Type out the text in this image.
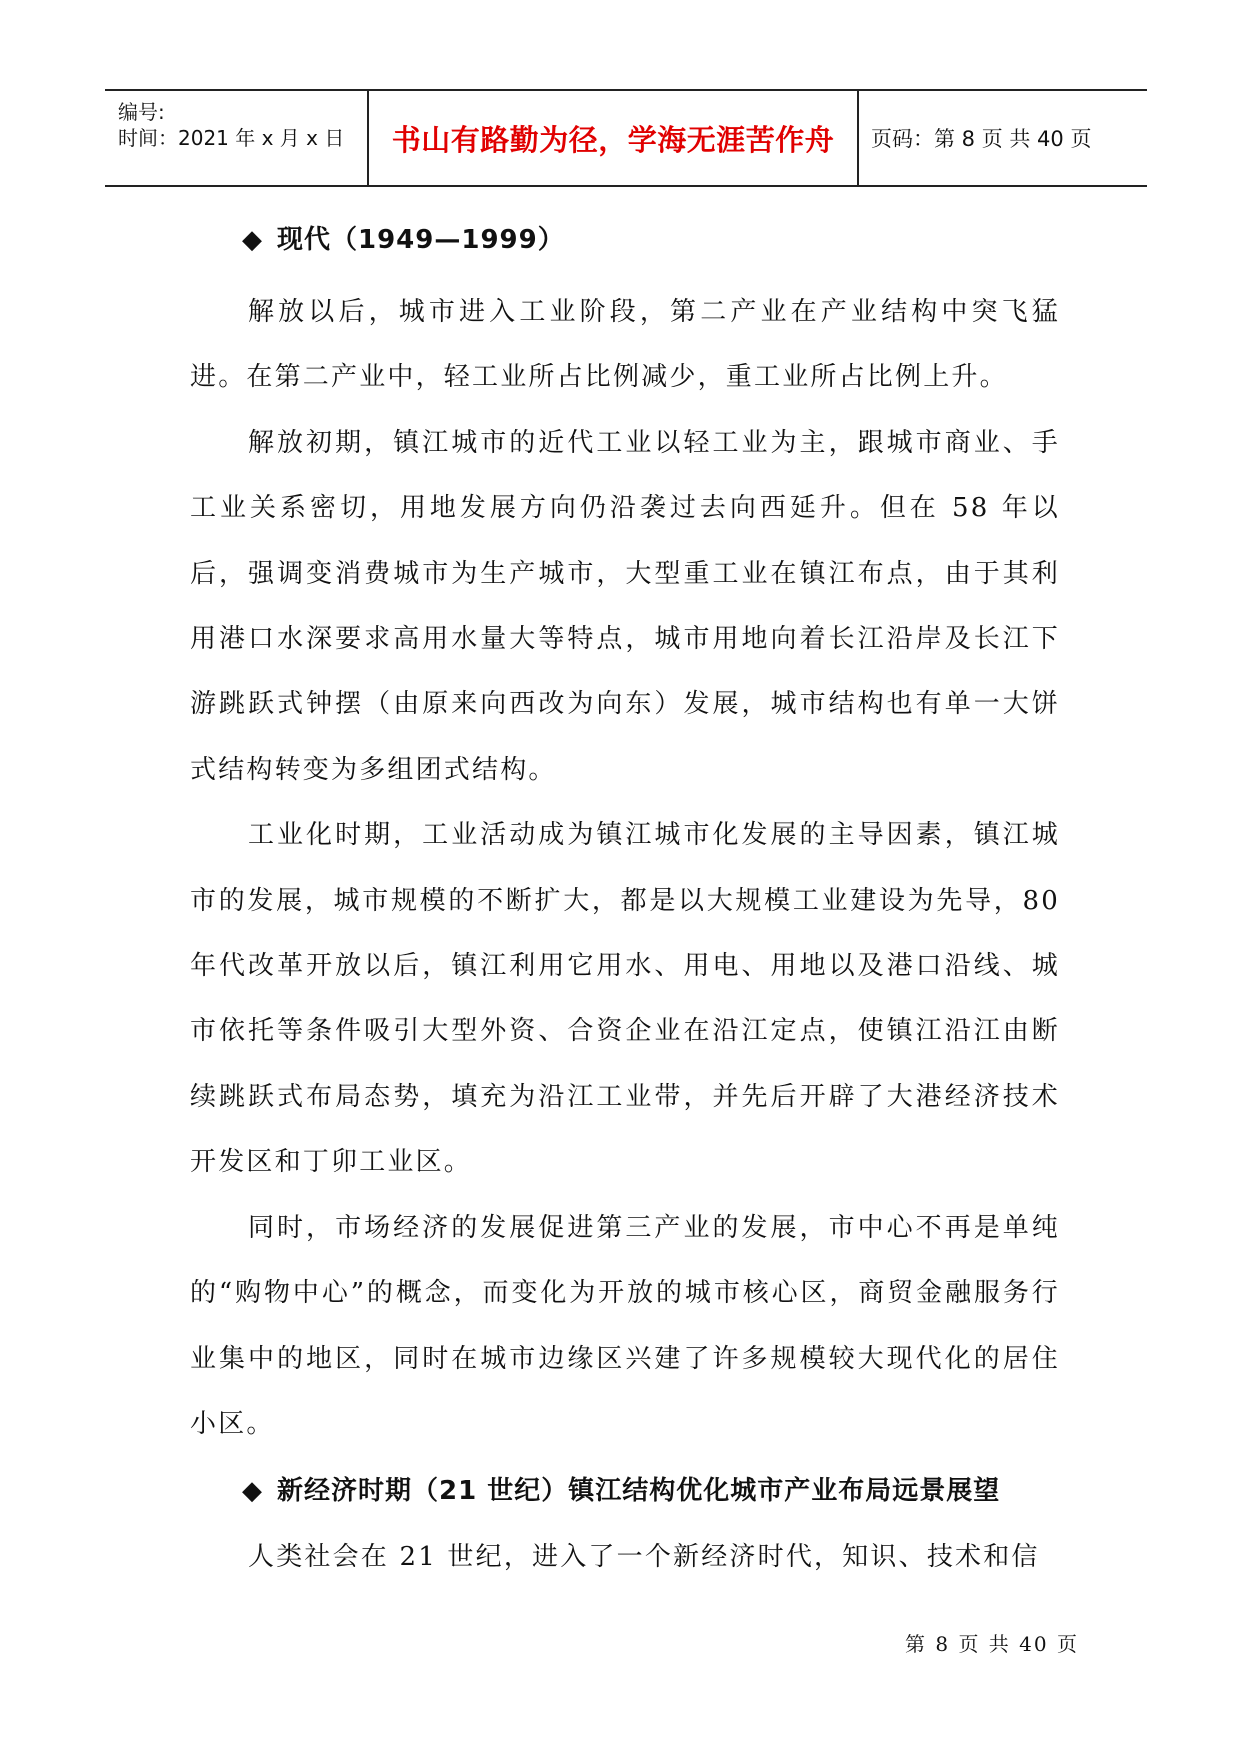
编号:
时间：2021 年 x 月 x 日	书山有路勤为径，学海无涯苦作舟	页码：第 8 页 共 40 页
◆ 现代（1949—1999）

解放以后，城市进入工业阶段，第二产业在产业结构中突飞猛进。在第二产业中，轻工业所占比例减少，重工业所占比例上升。

解放初期，镇江城市的近代工业以轻工业为主，跟城市商业、手工业关系密切，用地发展方向仍沿袭过去向西延升。但在 58 年以后，强调变消费城市为生产城市，大型重工业在镇江布点，由于其利用港口水深要求高用水量大等特点，城市用地向着长江沿岸及长江下游跳跃式钟摆（由原来向西改为向东）发展，城市结构也有单一大饼式结构转变为多组团式结构。

工业化时期，工业活动成为镇江城市化发展的主导因素，镇江城市的发展，城市规模的不断扩大，都是以大规模工业建设为先导，80 年代改革开放以后，镇江利用它用水、用电、用地以及港口沿线、城市依托等条件吸引大型外资、合资企业在沿江定点，使镇江沿江由断续跳跃式布局态势，填充为沿江工业带，并先后开辟了大港经济技术开发区和丁卯工业区。

同时，市场经济的发展促进第三产业的发展，市中心不再是单纯的“购物中心”的概念，而变化为开放的城市核心区，商贸金融服务行业集中的地区，同时在城市边缘区兴建了许多规模较大现代化的居住小区。

◆ 新经济时期（21 世纪）镇江结构优化城市产业布局远景展望

人类社会在 21 世纪，进入了一个新经济时代，知识、技术和信

第 8 页 共 40 页
